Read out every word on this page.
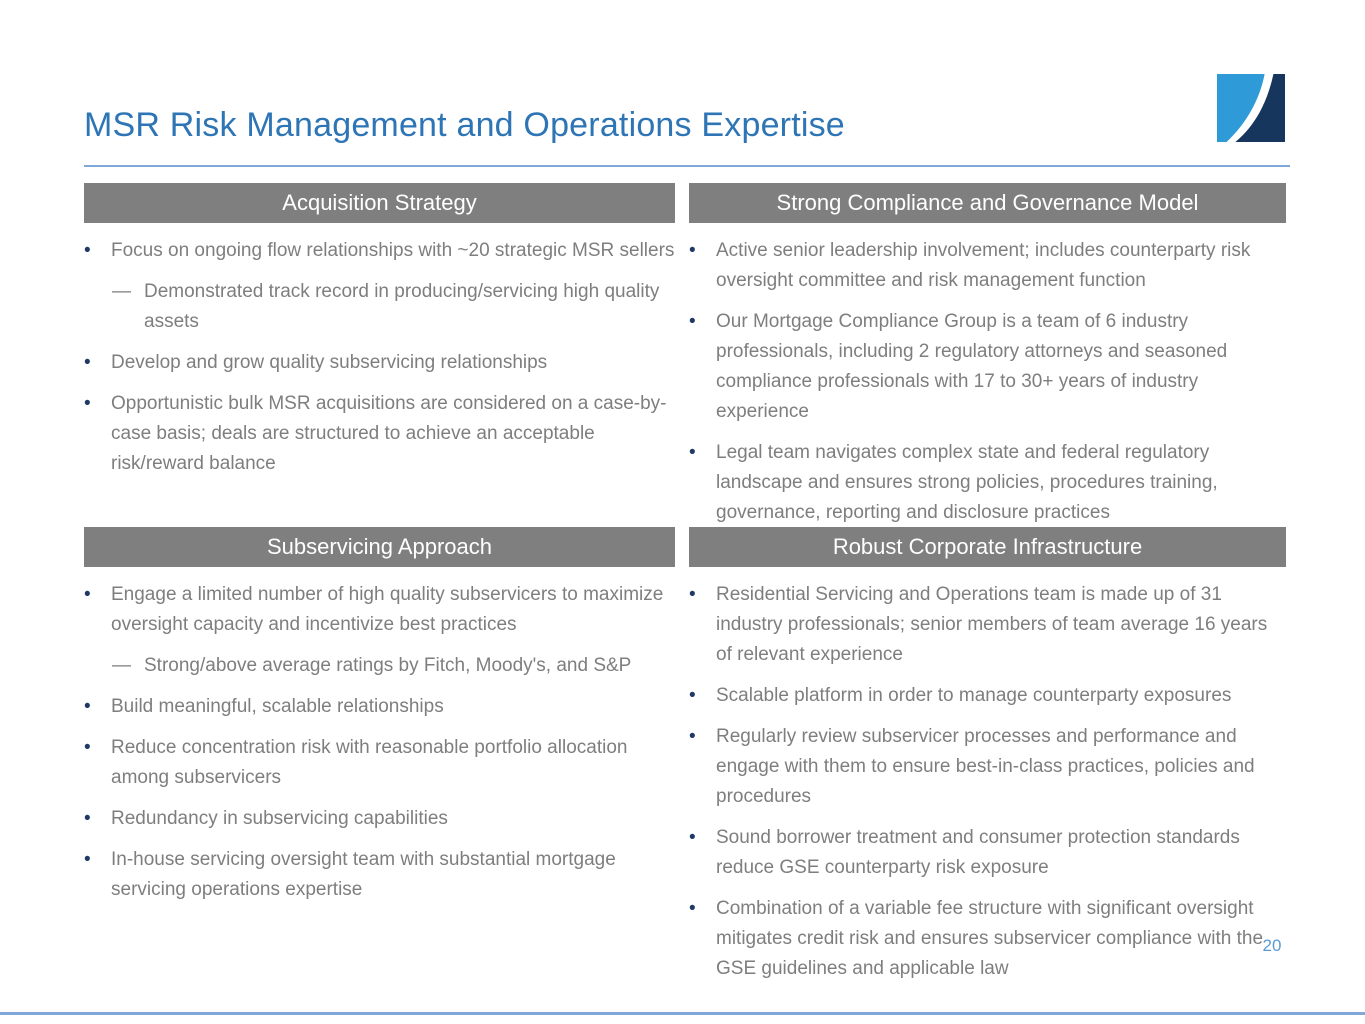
MSR Risk Management and Operations Expertise
Acquisition Strategy
•	Focus on ongoing flow relationships with ~20 strategic MSR sellers
— Demonstrated track record in producing/servicing high quality assets
•	Develop and grow quality subservicing relationships
•	Opportunistic bulk MSR acquisitions are considered on a case-by-case basis; deals are structured to achieve an acceptable risk/reward balance
Strong Compliance and Governance Model
•	Active senior leadership involvement; includes counterparty risk oversight committee and risk management function
•	Our Mortgage Compliance Group is a team of 6 industry professionals, including 2 regulatory attorneys and seasoned compliance professionals with 17 to 30+ years of industry experience
•	Legal team navigates complex state and federal regulatory landscape and ensures strong policies, procedures training, governance, reporting and disclosure practices
Subservicing Approach
•	Engage a limited number of high quality subservicers to maximize oversight capacity and incentivize best practices
— Strong/above average ratings by Fitch, Moody's, and S&P
•	Build meaningful, scalable relationships
•	Reduce concentration risk with reasonable portfolio allocation among subservicers
•	Redundancy in subservicing capabilities
•	In-house servicing oversight team with substantial mortgage servicing operations expertise
Robust Corporate Infrastructure
•	Residential Servicing and Operations team is made up of 31 industry professionals; senior members of team average 16 years of relevant experience
•	Scalable platform in order to manage counterparty exposures
•	Regularly review subservicer processes and performance and engage with them to ensure best-in-class practices, policies and procedures
•	Sound borrower treatment and consumer protection standards reduce GSE counterparty risk exposure
•	Combination of a variable fee structure with significant oversight mitigates credit risk and ensures subservicer compliance with the GSE guidelines and applicable law
20
